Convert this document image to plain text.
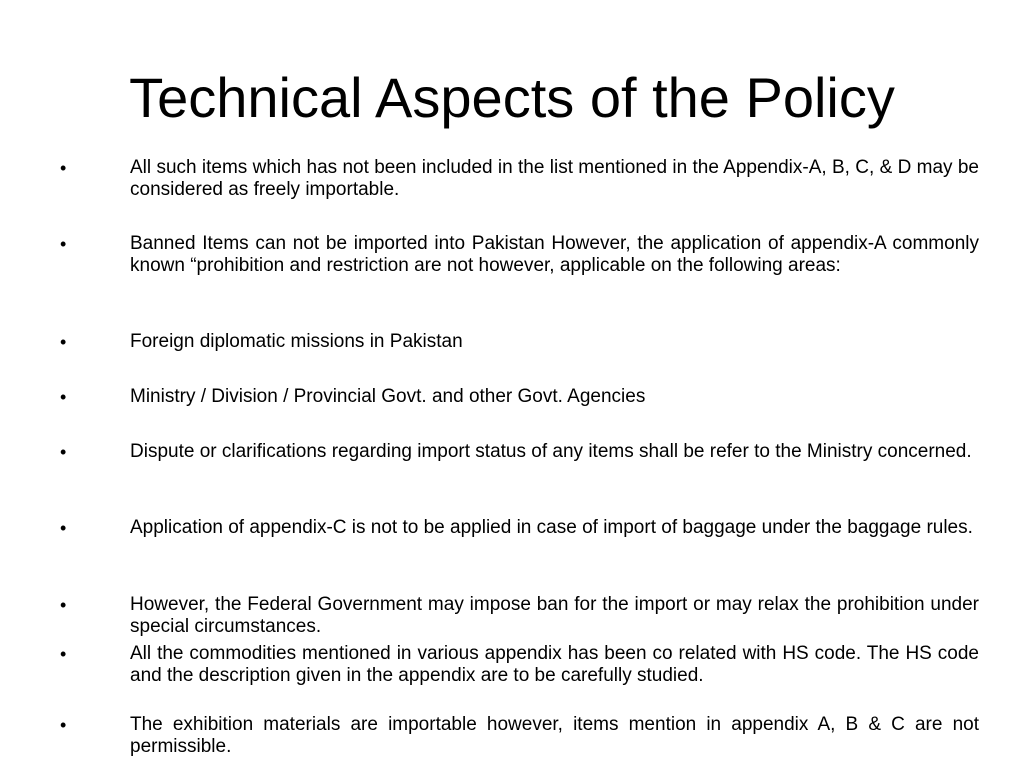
Technical Aspects of the Policy
•	All such items which has not been included in the list mentioned in the Appendix-A, B, C, & D may be considered as freely importable.
•	Banned Items can not be imported into Pakistan However, the application of appendix-A commonly known “prohibition and restriction are not however, applicable on the following areas:
•	Foreign diplomatic missions in Pakistan
•	Ministry / Division / Provincial Govt. and other Govt. Agencies
•	Dispute or clarifications regarding import status of any items shall be refer to the Ministry concerned.
•	Application of appendix-C is not to be applied in case of import of baggage under the baggage rules.
•	However, the Federal Government may impose ban for the import or may relax the prohibition under special circumstances.
•	All the commodities mentioned in various appendix has been co related with HS code. The HS code and the description given in the appendix are to be carefully studied.
•	The exhibition materials are importable however, items mention in appendix A, B & C are not permissible.
